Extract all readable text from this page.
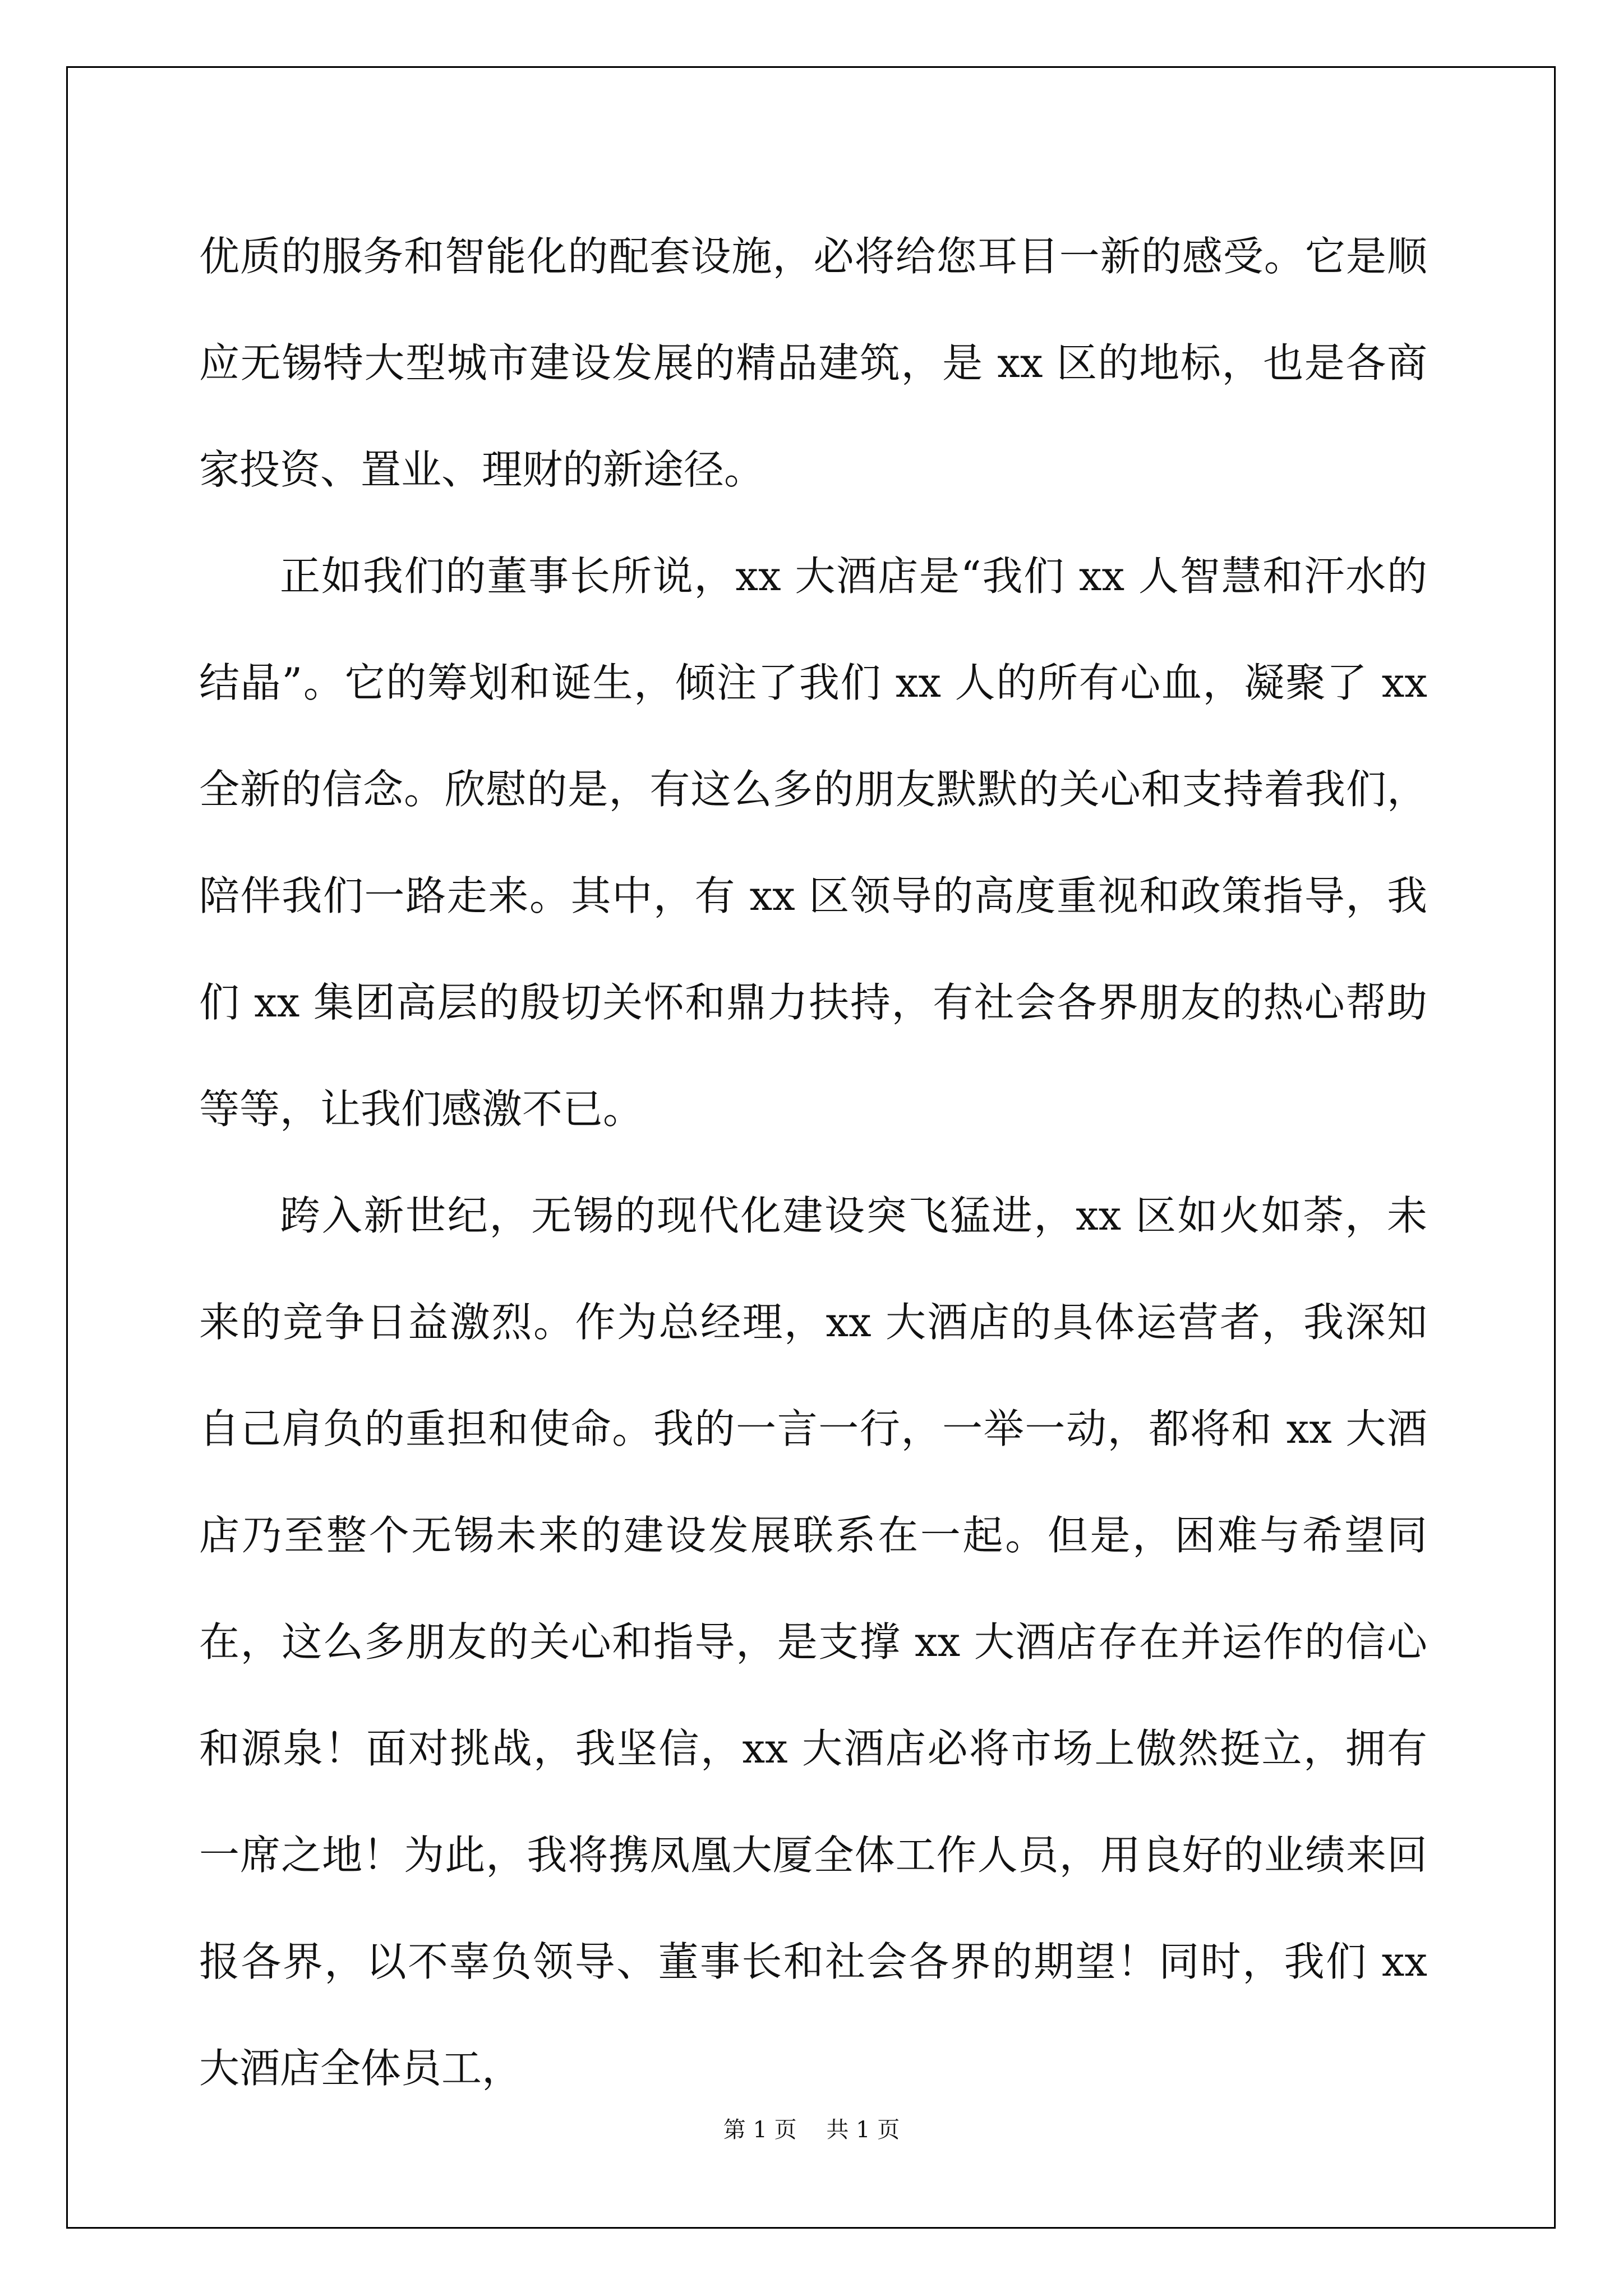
优质的服务和智能化的配套设施，必将给您耳目一新的感受。它是顺应无锡特大型城市建设发展的精品建筑，是 xx 区的地标，也是各商家投资、置业、理财的新途径。

正如我们的董事长所说，xx 大酒店是“我们 xx 人智慧和汗水的结晶”。它的筹划和诞生，倾注了我们 xx 人的所有心血，凝聚了 xx 全新的信念。欣慰的是，有这么多的朋友默默的关心和支持着我们，陪伴我们一路走来。其中，有 xx 区领导的高度重视和政策指导，我们 xx 集团高层的殷切关怀和鼎力扶持，有社会各界朋友的热心帮助等等，让我们感激不已。

跨入新世纪，无锡的现代化建设突飞猛进，xx 区如火如荼，未来的竞争日益激烈。作为总经理，xx 大酒店的具体运营者，我深知自己肩负的重担和使命。我的一言一行，一举一动，都将和 xx 大酒店乃至整个无锡未来的建设发展联系在一起。但是，困难与希望同在，这么多朋友的关心和指导，是支撑 xx 大酒店存在并运作的信心和源泉！面对挑战，我坚信，xx 大酒店必将市场上傲然挺立，拥有一席之地！为此，我将携凤凰大厦全体工作人员，用良好的业绩来回报各界，以不辜负领导、董事长和社会各界的期望！同时，我们 xx 大酒店全体员工，

第 1 页 共 1 页
